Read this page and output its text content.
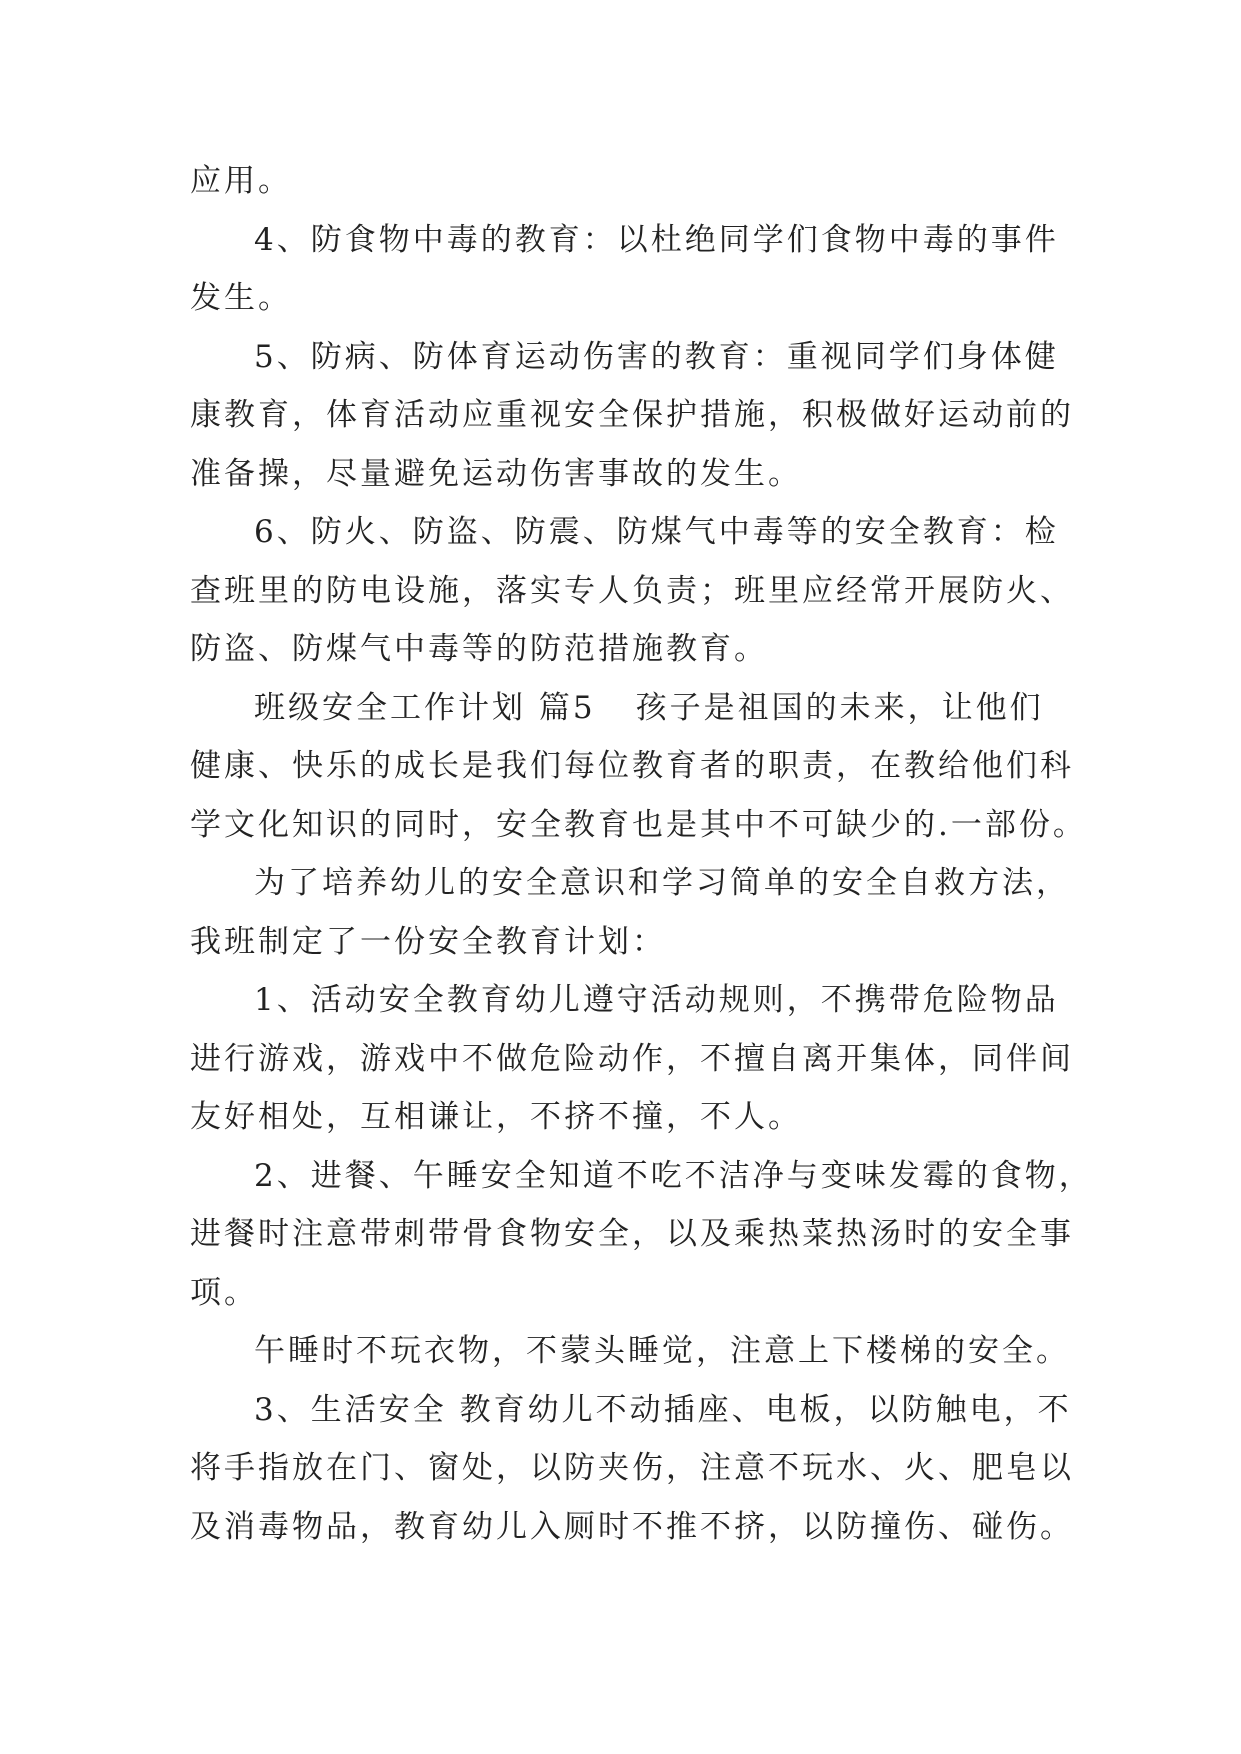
应用。
4、防食物中毒的教育：以杜绝同学们食物中毒的事件
发生。
5、防病、防体育运动伤害的教育：重视同学们身体健
康教育，体育活动应重视安全保护措施，积极做好运动前的
准备操，尽量避免运动伤害事故的发生。
6、防火、防盗、防震、防煤气中毒等的安全教育：检
查班里的防电设施，落实专人负责；班里应经常开展防火、
防盗、防煤气中毒等的防范措施教育。
班级安全工作计划 篇5 孩子是祖国的未来，让他们
健康、快乐的成长是我们每位教育者的职责，在教给他们科
学文化知识的同时，安全教育也是其中不可缺少的.一部份。
为了培养幼儿的安全意识和学习简单的安全自救方法，
我班制定了一份安全教育计划：
1、活动安全教育幼儿遵守活动规则，不携带危险物品
进行游戏，游戏中不做危险动作，不擅自离开集体，同伴间
友好相处，互相谦让，不挤不撞，不人。
2、进餐、午睡安全知道不吃不洁净与变味发霉的食物，
进餐时注意带刺带骨食物安全，以及乘热菜热汤时的安全事
项。
午睡时不玩衣物，不蒙头睡觉，注意上下楼梯的安全。
3、生活安全 教育幼儿不动插座、电板，以防触电，不
将手指放在门、窗处，以防夹伤，注意不玩水、火、肥皂以
及消毒物品，教育幼儿入厕时不推不挤，以防撞伤、碰伤。
